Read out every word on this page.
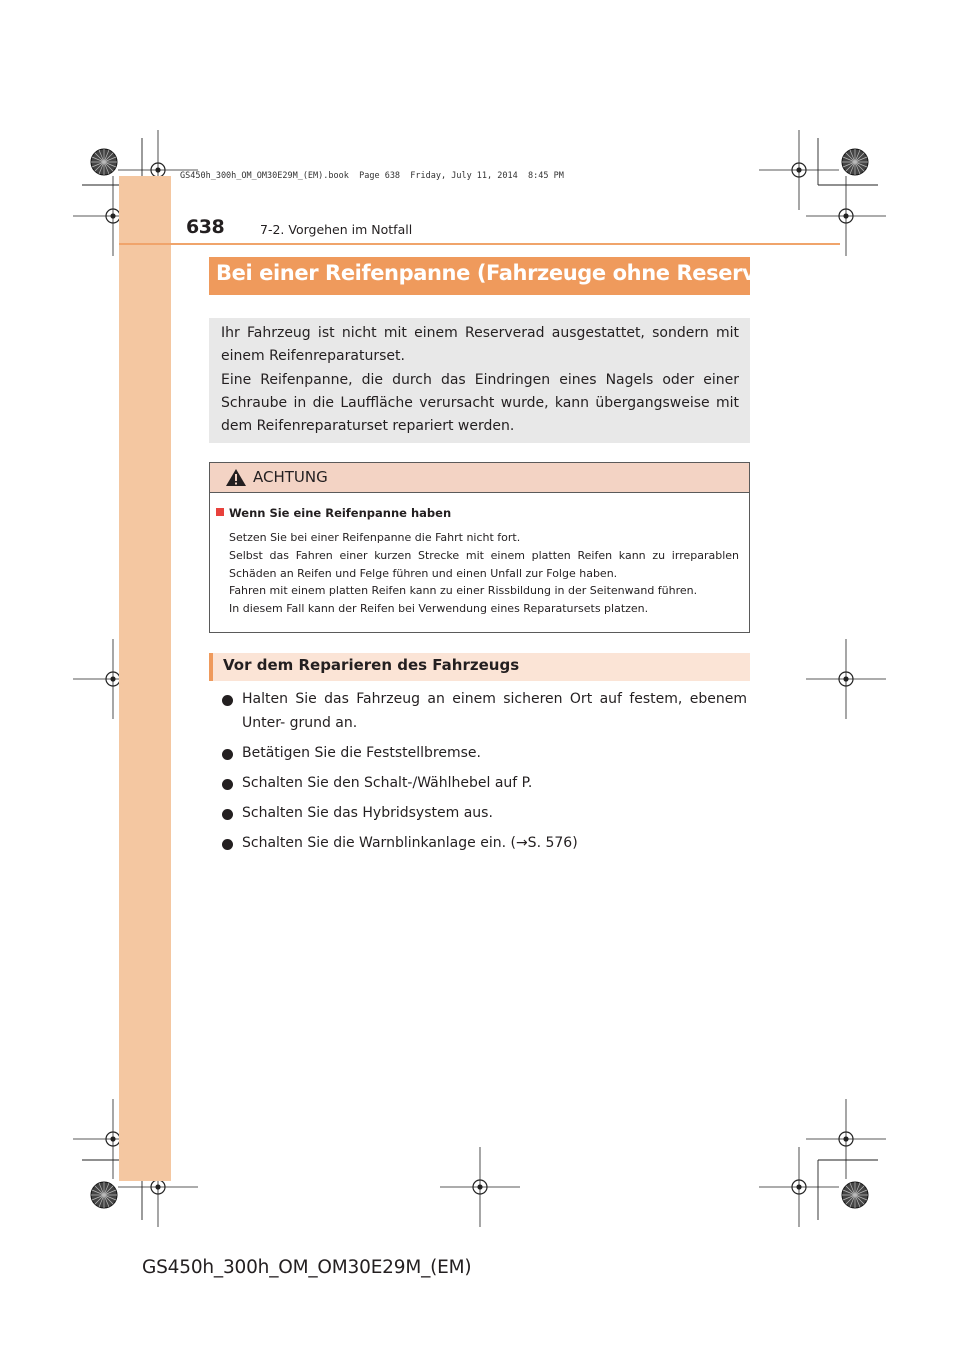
GS450h_300h_OM_OM30E29M_(EM).book  Page 638  Friday, July 11, 2014  8:45 PM
638	7-2. Vorgehen im Notfall
Bei einer Reifenpanne (Fahrzeuge ohne Reserverad)

Ihr Fahrzeug ist nicht mit einem Reserverad ausgestattet, sondern mit einem Reifenreparaturset.

Eine Reifenpanne, die durch das Eindringen eines Nagels oder einer Schraube in die Lauffläche verursacht wurde, kann übergangsweise mit dem Reifenreparaturset repariert werden.

ACHTUNG
Wenn Sie eine Reifenpanne haben
Setzen Sie bei einer Reifenpanne die Fahrt nicht fort.
Selbst das Fahren einer kurzen Strecke mit einem platten Reifen kann zu irreparablen Schäden an Reifen und Felge führen und einen Unfall zur Folge haben.
Fahren mit einem platten Reifen kann zu einer Rissbildung in der Seitenwand führen.
In diesem Fall kann der Reifen bei Verwendung eines Reparatursets platzen.
Vor dem Reparieren des Fahrzeugs
Halten Sie das Fahrzeug an einem sicheren Ort auf festem, ebenem Unter- grund an.
Betätigen Sie die Feststellbremse.
Schalten Sie den Schalt-/Wählhebel auf P.
Schalten Sie das Hybridsystem aus.
Schalten Sie die Warnblinkanlage ein. (→S. 576)
GS450h_300h_OM_OM30E29M_(EM)
